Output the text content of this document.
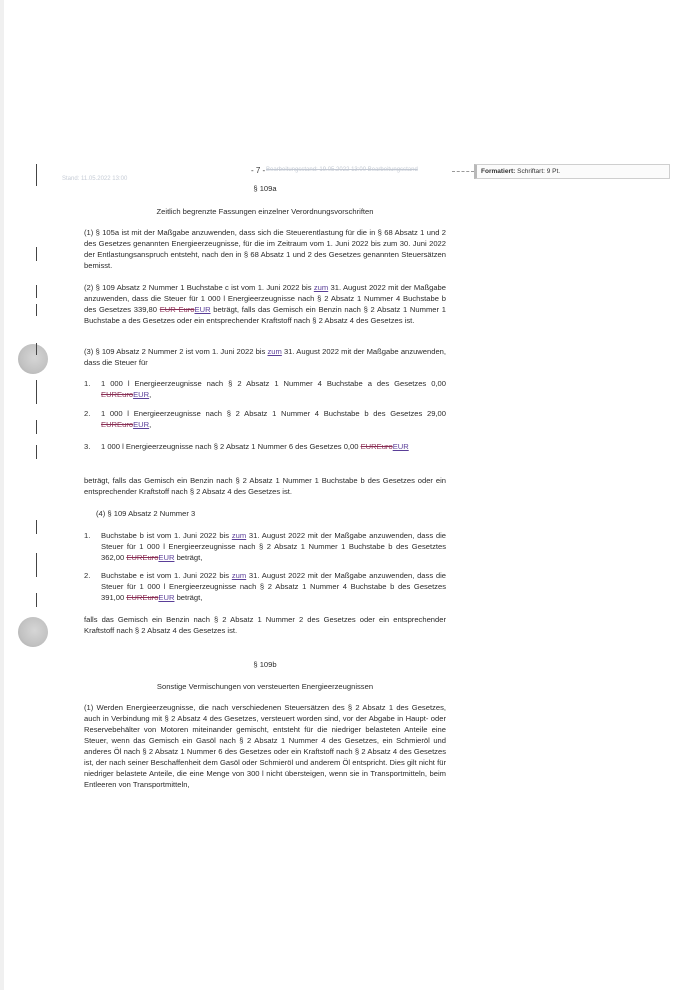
Stand: 11.05.2022 13:00
- 7 - Bearbeitungsstand: 19.05.2022 13:00 Bearbeitungsstand	Formatiert: Schriftart: 9 Pt.
§ 109a
Zeitlich begrenzte Fassungen einzelner Verordnungsvorschriften
(1) § 105a ist mit der Maßgabe anzuwenden, dass sich die Steuerentlastung für die in § 68 Absatz 1 und 2 des Gesetzes genannten Energieerzeugnisse, für die im Zeitraum vom 1. Juni 2022 bis zum 30. Juni 2022 der Entlastungsanspruch entsteht, nach den in § 68 Absatz 1 und 2 des Gesetzes genannten Steuersätzen bemisst.
(2) § 109 Absatz 2 Nummer 1 Buchstabe c ist vom 1. Juni 2022 bis zum 31. August 2022 mit der Maßgabe anzuwenden, dass die Steuer für 1 000 l Energieerzeugnisse nach § 2 Absatz 1 Nummer 4 Buchstabe b des Gesetzes 339,80 EUR EuroEUR beträgt, falls das Gemisch ein Benzin nach § 2 Absatz 1 Nummer 1 Buchstabe a des Gesetzes oder ein entsprechender Kraftstoff nach § 2 Absatz 4 des Gesetzes ist.
(3) § 109 Absatz 2 Nummer 2 ist vom 1. Juni 2022 bis zum 31. August 2022 mit der Maßgabe anzuwenden, dass die Steuer für
1. 1 000 l Energieerzeugnisse nach § 2 Absatz 1 Nummer 4 Buchstabe a des Gesetzes 0,00 EUREuroEUR,
2. 1 000 l Energieerzeugnisse nach § 2 Absatz 1 Nummer 4 Buchstabe b des Gesetzes 29,00 EUREuroEUR,
3. 1 000 l Energieerzeugnisse nach § 2 Absatz 1 Nummer 6 des Gesetzes 0,00 EUREuroEUR
beträgt, falls das Gemisch ein Benzin nach § 2 Absatz 1 Nummer 1 Buchstabe b des Gesetzes oder ein entsprechender Kraftstoff nach § 2 Absatz 4 des Gesetzes ist.
(4) § 109 Absatz 2 Nummer 3
1. Buchstabe b ist vom 1. Juni 2022 bis zum 31. August 2022 mit der Maßgabe anzuwenden, dass die Steuer für 1 000 l Energieerzeugnisse nach § 2 Absatz 1 Nummer 1 Buchstabe b des Gesetztes 362,00 EUREuroEUR beträgt,
2. Buchstabe e ist vom 1. Juni 2022 bis zum 31. August 2022 mit der Maßgabe anzuwenden, dass die Steuer für 1 000 l Energieerzeugnisse nach § 2 Absatz 1 Nummer 4 Buchstabe b des Gesetzes 391,00 EUREuroEUR beträgt,
falls das Gemisch ein Benzin nach § 2 Absatz 1 Nummer 2 des Gesetzes oder ein entsprechender Kraftstoff nach § 2 Absatz 4 des Gesetzes ist.
§ 109b
Sonstige Vermischungen von versteuerten Energieerzeugnissen
(1) Werden Energieerzeugnisse, die nach verschiedenen Steuersätzen des § 2 Absatz 1 des Gesetzes, auch in Verbindung mit § 2 Absatz 4 des Gesetzes, versteuert worden sind, vor der Abgabe in Haupt- oder Reservebehälter von Motoren miteinander gemischt, entsteht für die niedriger belasteten Anteile eine Steuer, wenn das Gemisch ein Gasöl nach § 2 Absatz 1 Nummer 4 des Gesetzes, ein Schmieröl und anderes Öl nach § 2 Absatz 1 Nummer 6 des Gesetzes oder ein Kraftstoff nach § 2 Absatz 4 des Gesetzes ist, der nach seiner Beschaffenheit dem Gasöl oder Schmieröl und anderem Öl entspricht. Dies gilt nicht für niedriger belastete Anteile, die eine Menge von 300 l nicht übersteigen, wenn sie in Transportmitteln, beim Entleeren von Transportmitteln,
